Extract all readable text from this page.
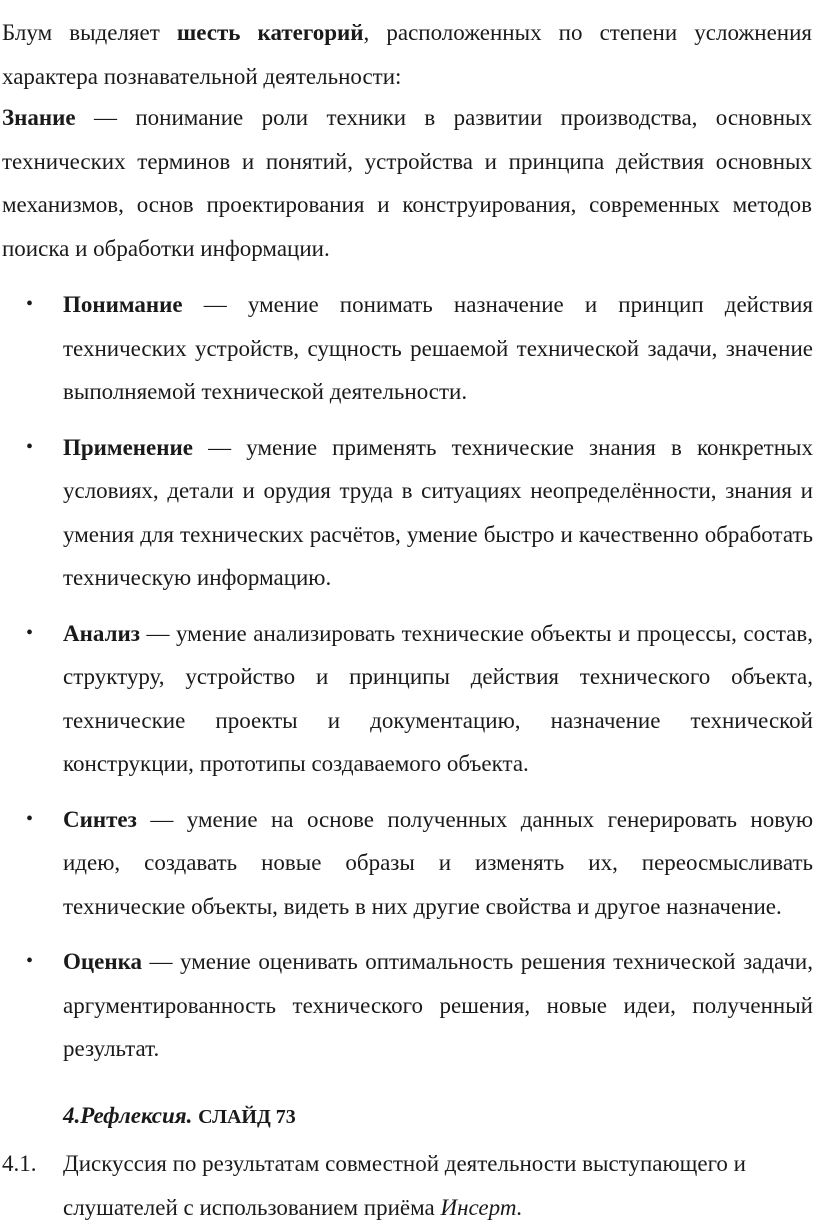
Блум выделяет шесть категорий, расположенных по степени усложнения характера познавательной деятельности:

Знание — понимание роли техники в развитии производства, основных технических терминов и понятий, устройства и принципа действия основных механизмов, основ проектирования и конструирования, современных методов поиска и обработки информации.

• Понимание — умение понимать назначение и принцип действия технических устройств, сущность решаемой технической задачи, значение выполняемой технической деятельности.
• Применение — умение применять технические знания в конкретных условиях, детали и орудия труда в ситуациях неопределённости, знания и умения для технических расчётов, умение быстро и качественно обработать техническую информацию.
• Анализ — умение анализировать технические объекты и процессы, состав, структуру, устройство и принципы действия технического объекта, технические проекты и документацию, назначение технической конструкции, прототипы создаваемого объекта.
• Синтез — умение на основе полученных данных генерировать новую идею, создавать новые образы и изменять их, переосмысливать технические объекты, видеть в них другие свойства и другое назначение.
• Оценка — умение оценивать оптимальность решения технической задачи, аргументированность технического решения, новые идеи, полученный результат.
4.Рефлексия. СЛАЙД 73
4.1. Дискуссия по результатам совместной деятельности выступающего и слушателей с использованием приёма Инсерт.
